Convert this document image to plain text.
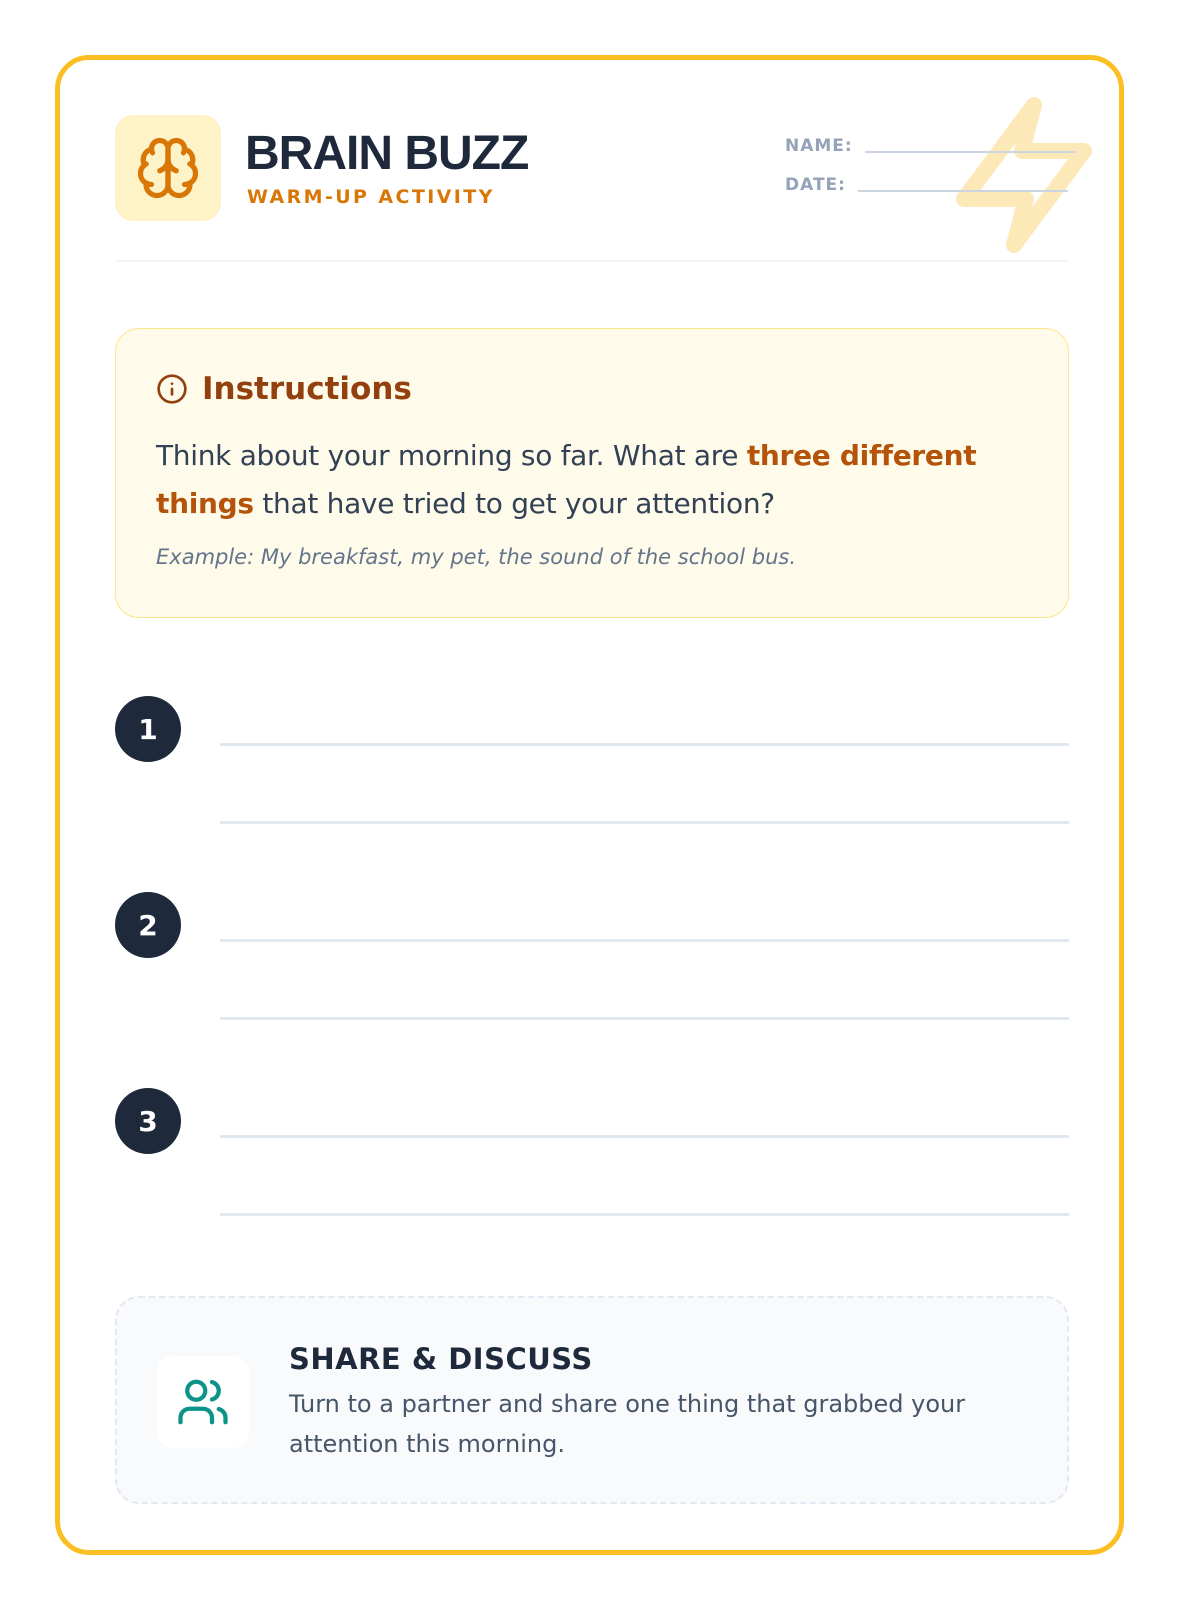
BRAIN BUZZ
WARM-UP ACTIVITY
NAME:
DATE:
Instructions

Think about your morning so far. What are three different things that have tried to get your attention?

Example: My breakfast, my pet, the sound of the school bus.

1
2
3
SHARE & DISCUSS

Turn to a partner and share one thing that grabbed your attention this morning.
